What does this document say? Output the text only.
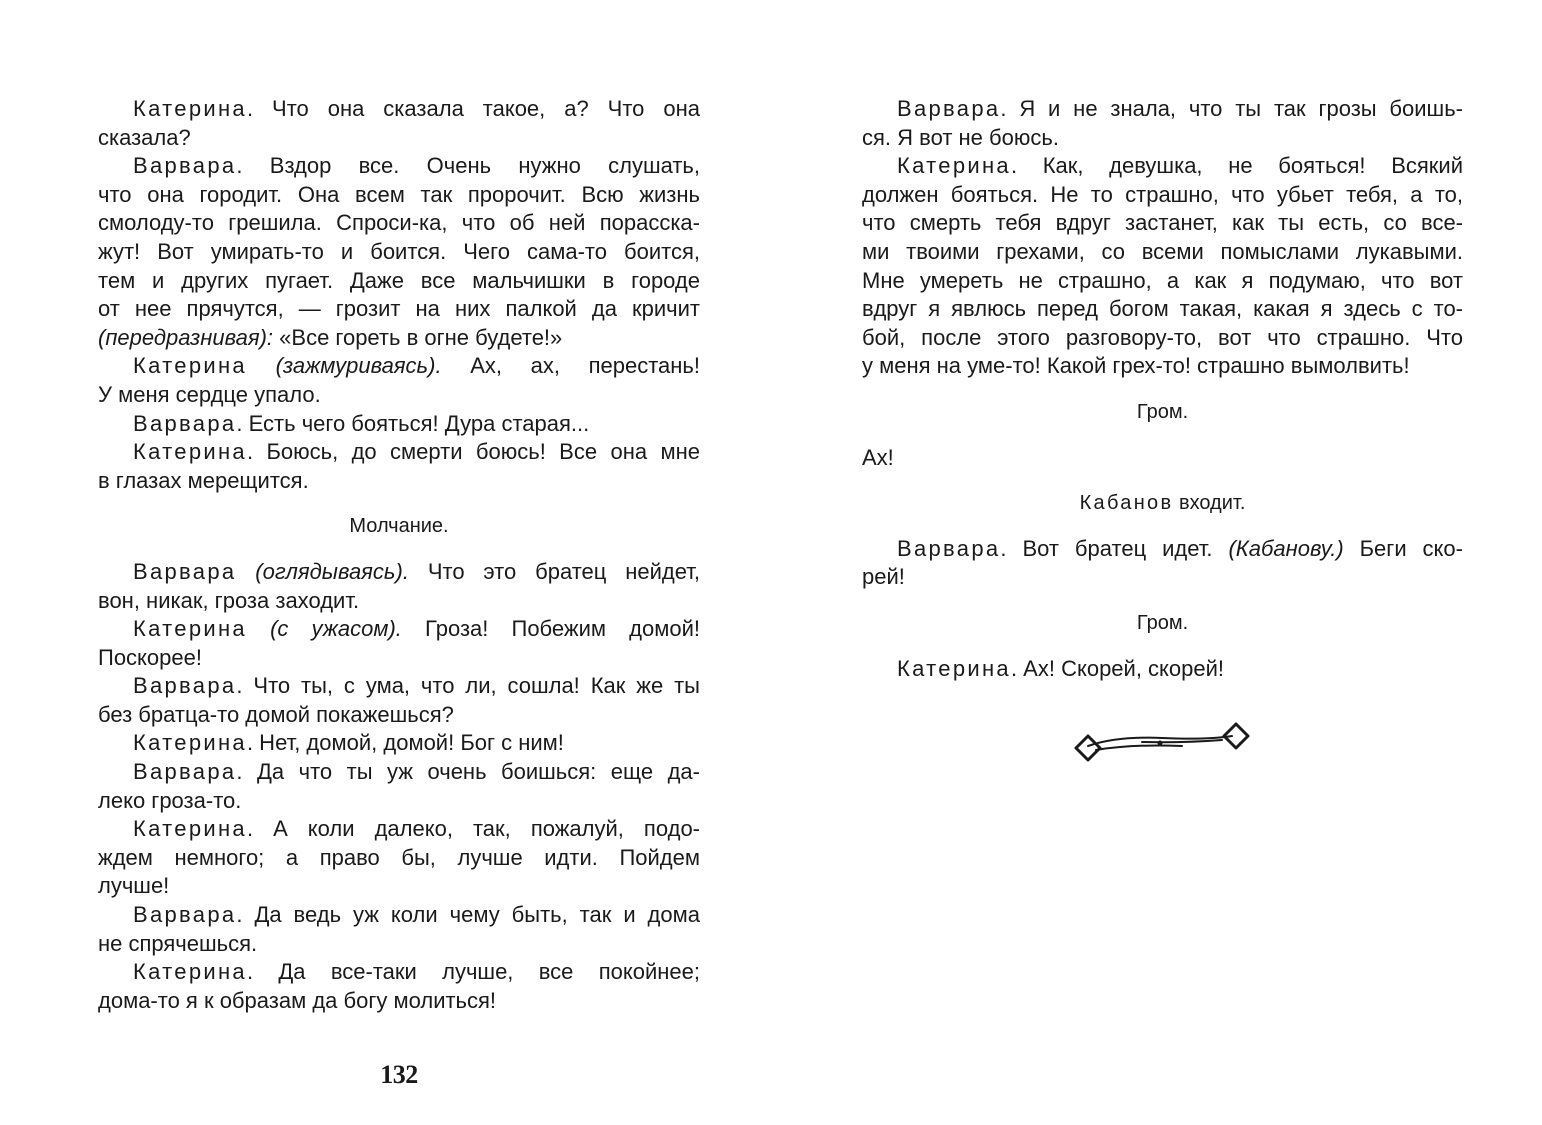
Катерина. Что она сказала такое, а? Что она
сказала?
Варвара. Вздор все. Очень нужно слушать,
что она городит. Она всем так пророчит. Всю жизнь
смолоду-то грешила. Спроси-ка, что об ней порасска-
жут! Вот умирать-то и боится. Чего сама-то боится,
тем и других пугает. Даже все мальчишки в городе
от нее прячутся, — грозит на них палкой да кричит
(передразнивая): «Все гореть в огне будете!»
Катерина (зажмуриваясь). Ах, ах, перестань!
У меня сердце упало.
Варвара. Есть чего бояться! Дура старая...
Катерина. Боюсь, до смерти боюсь! Все она мне
в глазах мерещится.
Молчание.
Варвара (оглядываясь). Что это братец нейдет,
вон, никак, гроза заходит.
Катерина (с ужасом). Гроза! Побежим домой!
Поскорее!
Варвара. Что ты, с ума, что ли, сошла! Как же ты
без братца-то домой покажешься?
Катерина. Нет, домой, домой! Бог с ним!
Варвара. Да что ты уж очень боишься: еще да-
леко гроза-то.
Катерина. А коли далеко, так, пожалуй, подо-
ждем немного; а право бы, лучше идти. Пойдем
лучше!
Варвара. Да ведь уж коли чему быть, так и дома
не спрячешься.
Катерина. Да все-таки лучше, все покойнее;
дома-то я к образам да богу молиться!
132
Варвара. Я и не знала, что ты так грозы боишь-
ся. Я вот не боюсь.
Катерина. Как, девушка, не бояться! Всякий
должен бояться. Не то страшно, что убьет тебя, а то,
что смерть тебя вдруг застанет, как ты есть, со все-
ми твоими грехами, со всеми помыслами лукавыми.
Мне умереть не страшно, а как я подумаю, что вот
вдруг я явлюсь перед богом такая, какая я здесь с то-
бой, после этого разговору-то, вот что страшно. Что
у меня на уме-то! Какой грех-то! страшно вымолвить!
Гром.
Ах!
Кабанов входит.
Варвара. Вот братец идет. (Кабанову.) Беги ско-
рей!
Гром.
Катерина. Ах! Скорей, скорей!
